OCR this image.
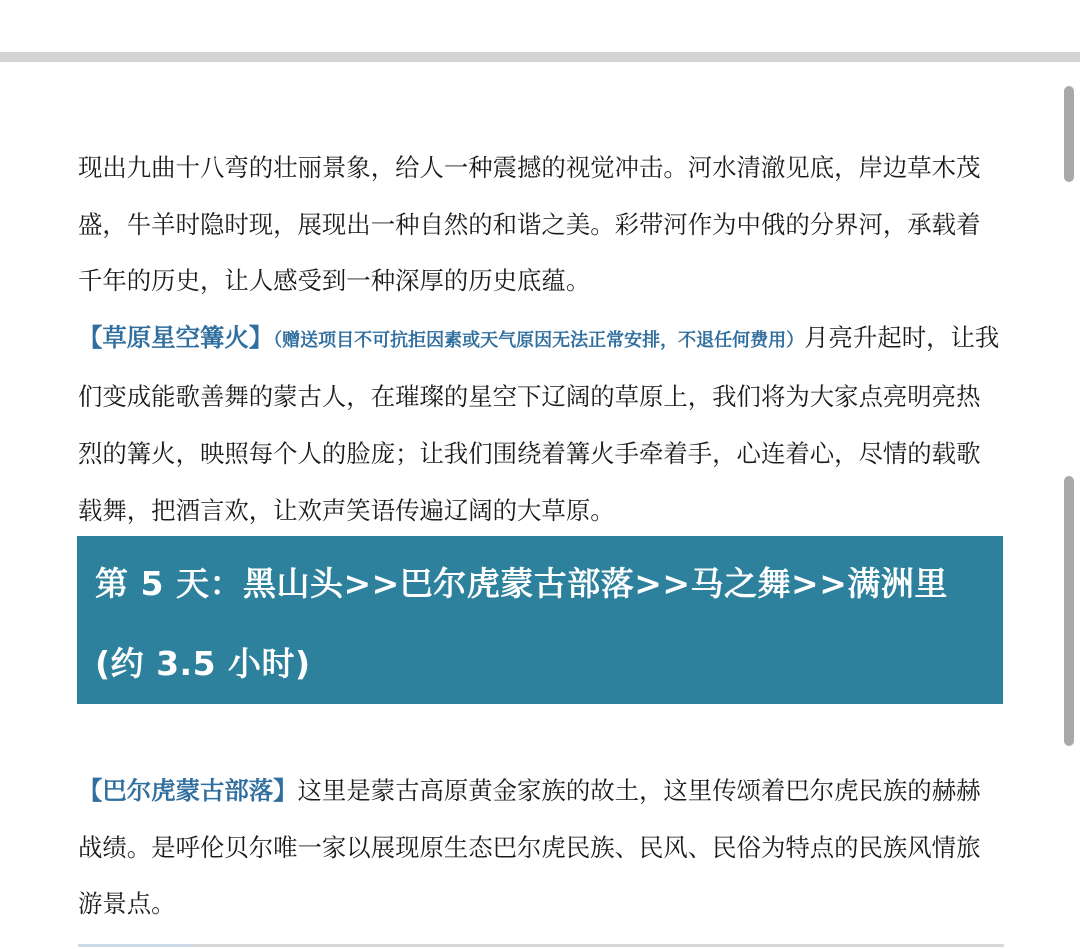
现出九曲十八弯的壮丽景象，给人一种震撼的视觉冲击。河水清澈见底，岸边草木茂盛，牛羊时隐时现，展现出一种自然的和谐之美。彩带河作为中俄的分界河，承载着千年的历史，让人感受到一种深厚的历史底蕴。

【草原星空篝火】（赠送项目不可抗拒因素或天气原因无法正常安排，不退任何费用）月亮升起时，让我们变成能歌善舞的蒙古人，在璀璨的星空下辽阔的草原上，我们将为大家点亮明亮热烈的篝火，映照每个人的脸庞；让我们围绕着篝火手牵着手，心连着心，尽情的载歌载舞，把酒言欢，让欢声笑语传遍辽阔的大草原。

第 5 天：黑山头>>巴尔虎蒙古部落>>马之舞>>满洲里
(约 3.5 小时)

【巴尔虎蒙古部落】这里是蒙古高原黄金家族的故土，这里传颂着巴尔虎民族的赫赫战绩。是呼伦贝尔唯一家以展现原生态巴尔虎民族、民风、民俗为特点的民族风情旅游景点。
